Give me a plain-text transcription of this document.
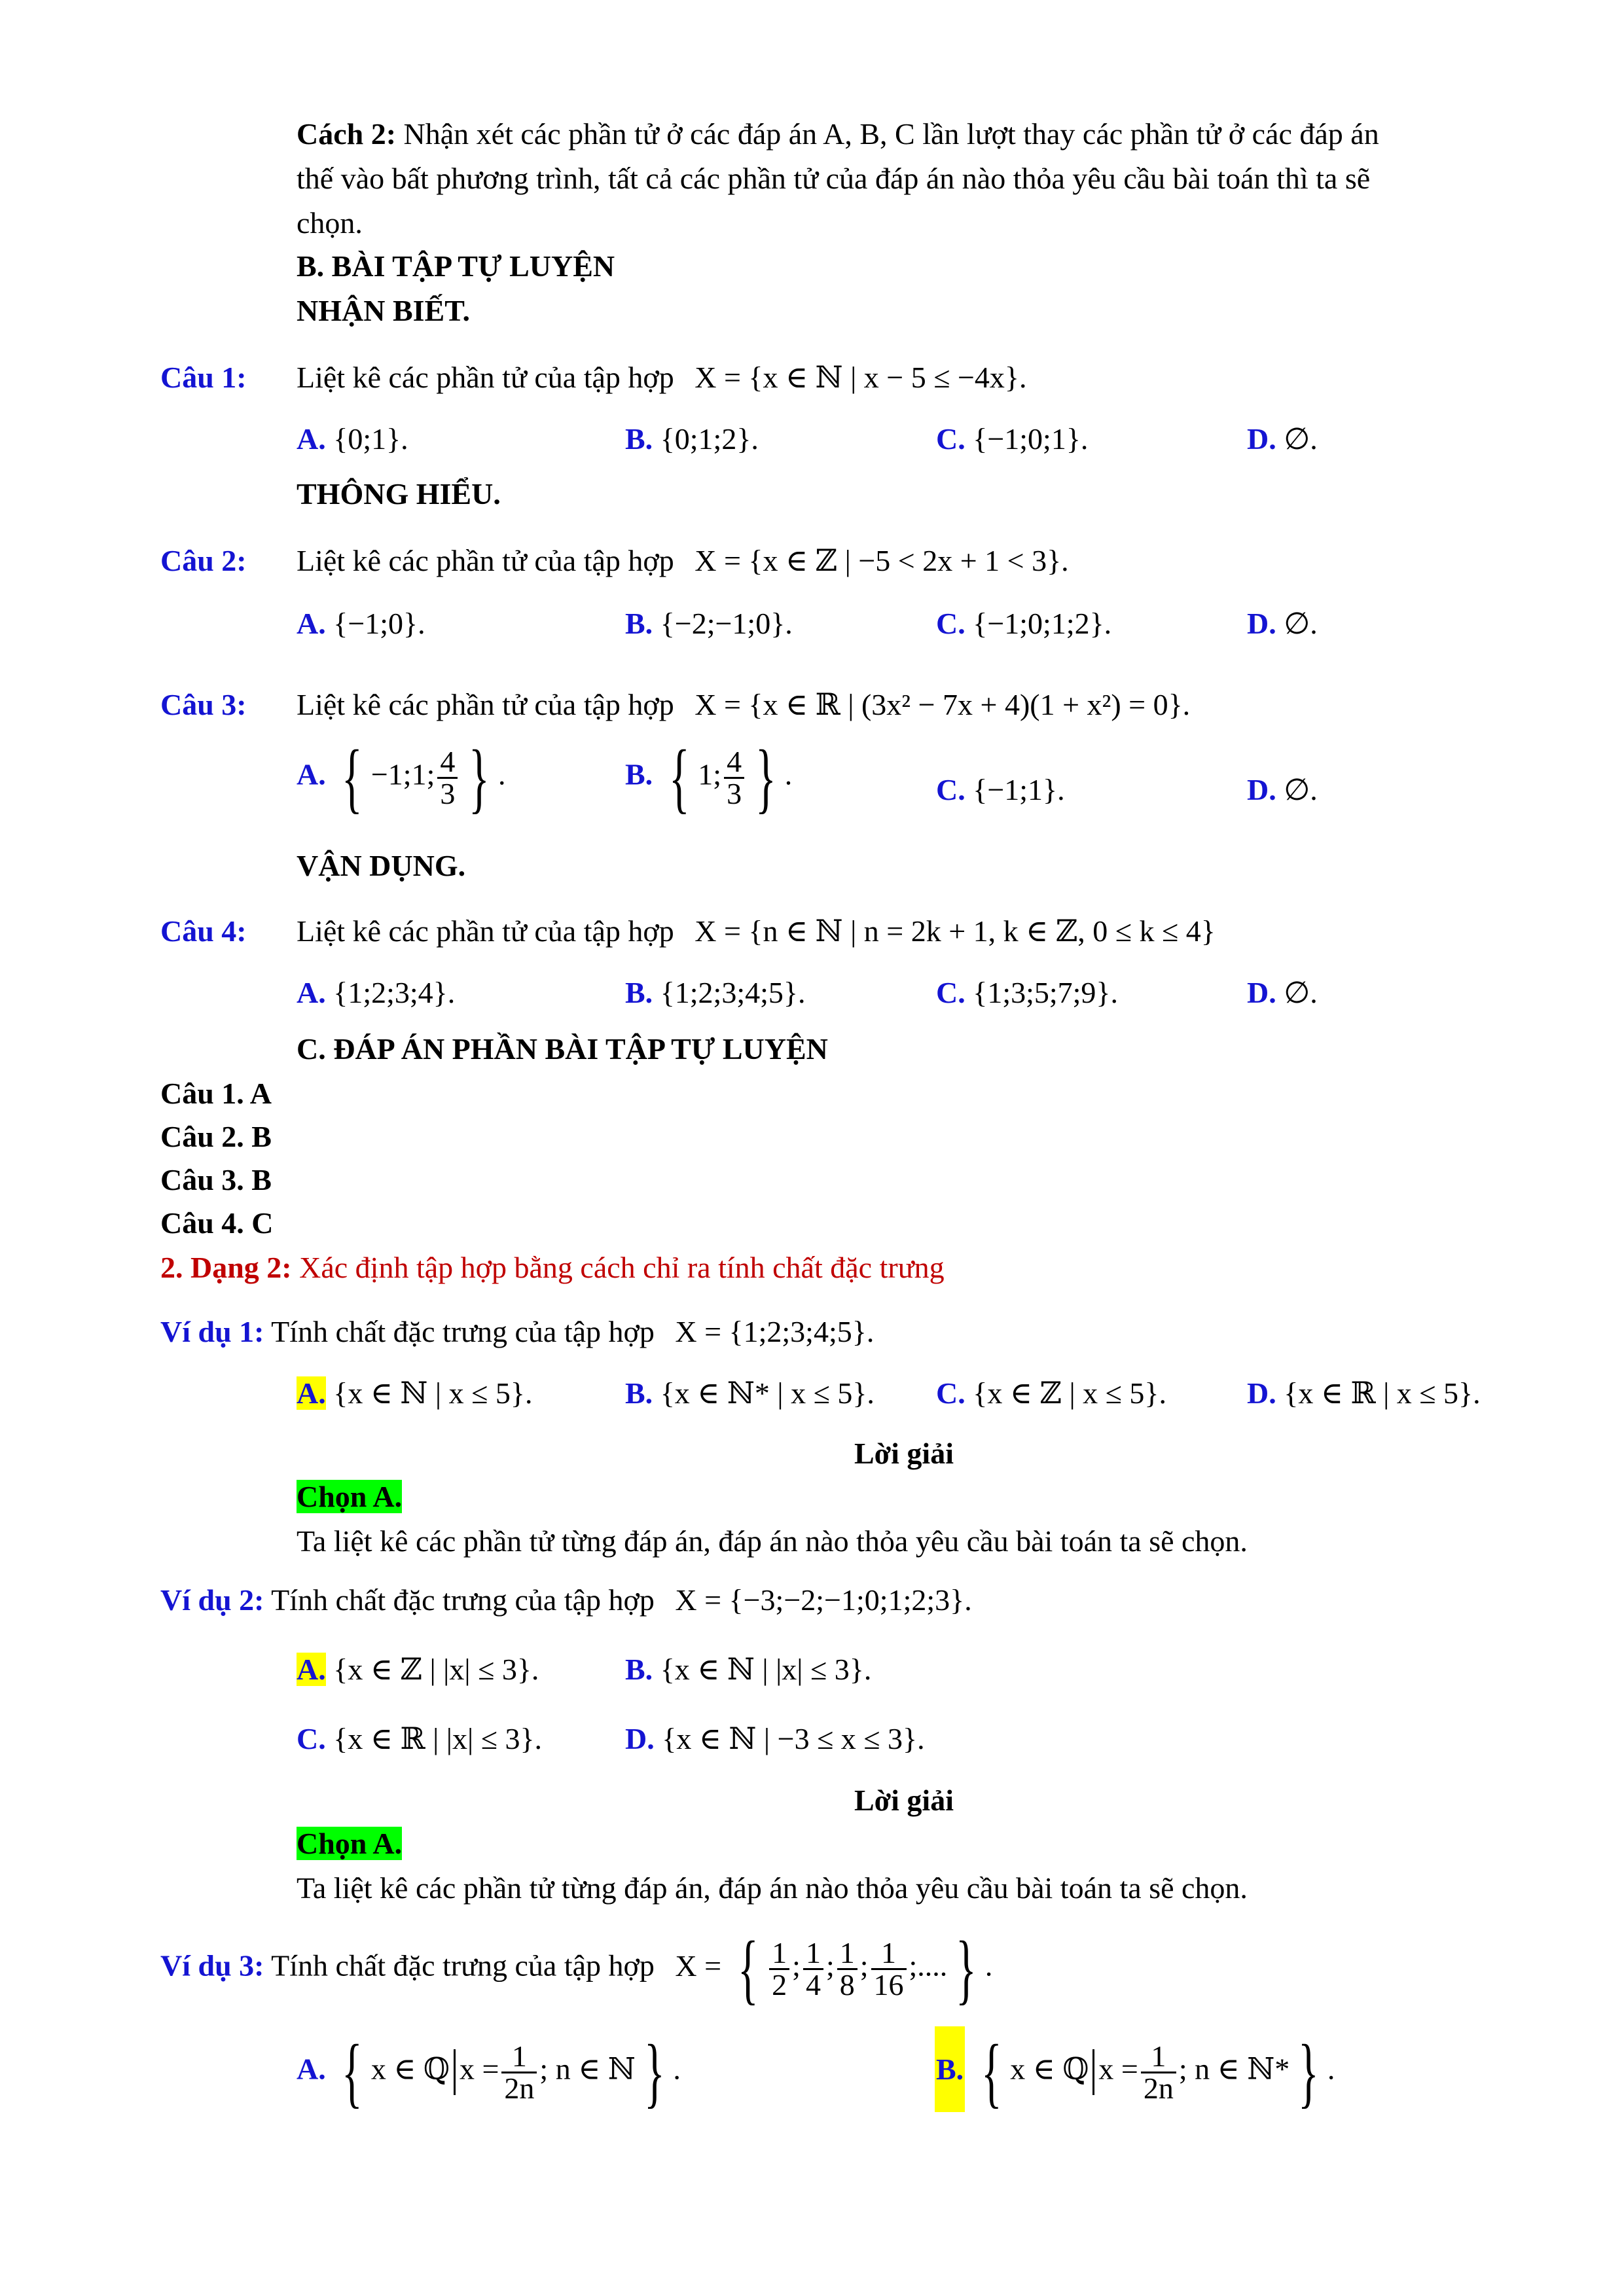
Cách 2: Nhận xét các phần tử ở các đáp án A, B, C lần lượt thay các phần tử ở các đáp án
thế vào bất phương trình, tất cả các phần tử của đáp án nào thỏa yêu cầu bài toán thì ta sẽ
chọn.
B. BÀI TẬP TỰ LUYỆN
NHẬN BIẾT.
Câu 1: Liệt kê các phần tử của tập hợp X = {x ∈ ℕ | x − 5 ≤ −4x}.
A. {0;1}.	B. {0;1;2}.	C. {−1;0;1}.	D. ∅.
THÔNG HIỂU.
Câu 2: Liệt kê các phần tử của tập hợp X = {x ∈ ℤ | −5 < 2x + 1 < 3}.
A. {−1;0}.	B. {−2;−1;0}.	C. {−1;0;1;2}.	D. ∅.
Câu 3: Liệt kê các phần tử của tập hợp X = {x ∈ ℝ | (3x² − 7x + 4)(1 + x²) = 0}.
A. { −1;1; $\frac{4}{3}$ } .	B. { 1; $\frac{4}{3}$ } .	C. {−1;1}.	D. ∅.
VẬN DỤNG.
Câu 4: Liệt kê các phần tử của tập hợp X = {n ∈ ℕ | n = 2k + 1, k ∈ ℤ, 0 ≤ k ≤ 4}
A. {1;2;3;4}.	B. {1;2;3;4;5}.	C. {1;3;5;7;9}.	D. ∅.
C. ĐÁP ÁN PHẦN BÀI TẬP TỰ LUYỆN
Câu 1. A
Câu 2. B
Câu 3. B
Câu 4. C
2. Dạng 2: Xác định tập hợp bằng cách chỉ ra tính chất đặc trưng
Ví dụ 1: Tính chất đặc trưng của tập hợp X = {1;2;3;4;5}.
A. {x ∈ ℕ | x ≤ 5}.	B. {x ∈ ℕ* | x ≤ 5}. C. {x ∈ ℤ | x ≤ 5}.	D. {x ∈ ℝ | x ≤ 5}.
Lời giải
Chọn A.
Ta liệt kê các phần tử từng đáp án, đáp án nào thỏa yêu cầu bài toán ta sẽ chọn.
Ví dụ 2: Tính chất đặc trưng của tập hợp X = {−3;−2;−1;0;1;2;3}.
A. {x ∈ ℤ | |x| ≤ 3}.	B. {x ∈ ℕ | |x| ≤ 3}.
C. {x ∈ ℝ | |x| ≤ 3}.	D. {x ∈ ℕ | −3 ≤ x ≤ 3}.
Lời giải
Chọn A.
Ta liệt kê các phần tử từng đáp án, đáp án nào thỏa yêu cầu bài toán ta sẽ chọn.
Ví dụ 3: Tính chất đặc trưng của tập hợp X = { $\frac{1}{2}$ ; $\frac{1}{4}$ ; $\frac{1}{8}$ ; $\frac{1}{16}$ ;.... } .
A. { x ∈ ℚ $x = \frac{1}{2n}$ ; n ∈ ℕ } .	B. { x ∈ ℚ $x = \frac{1}{2n}$ ; n ∈ ℕ* } .
